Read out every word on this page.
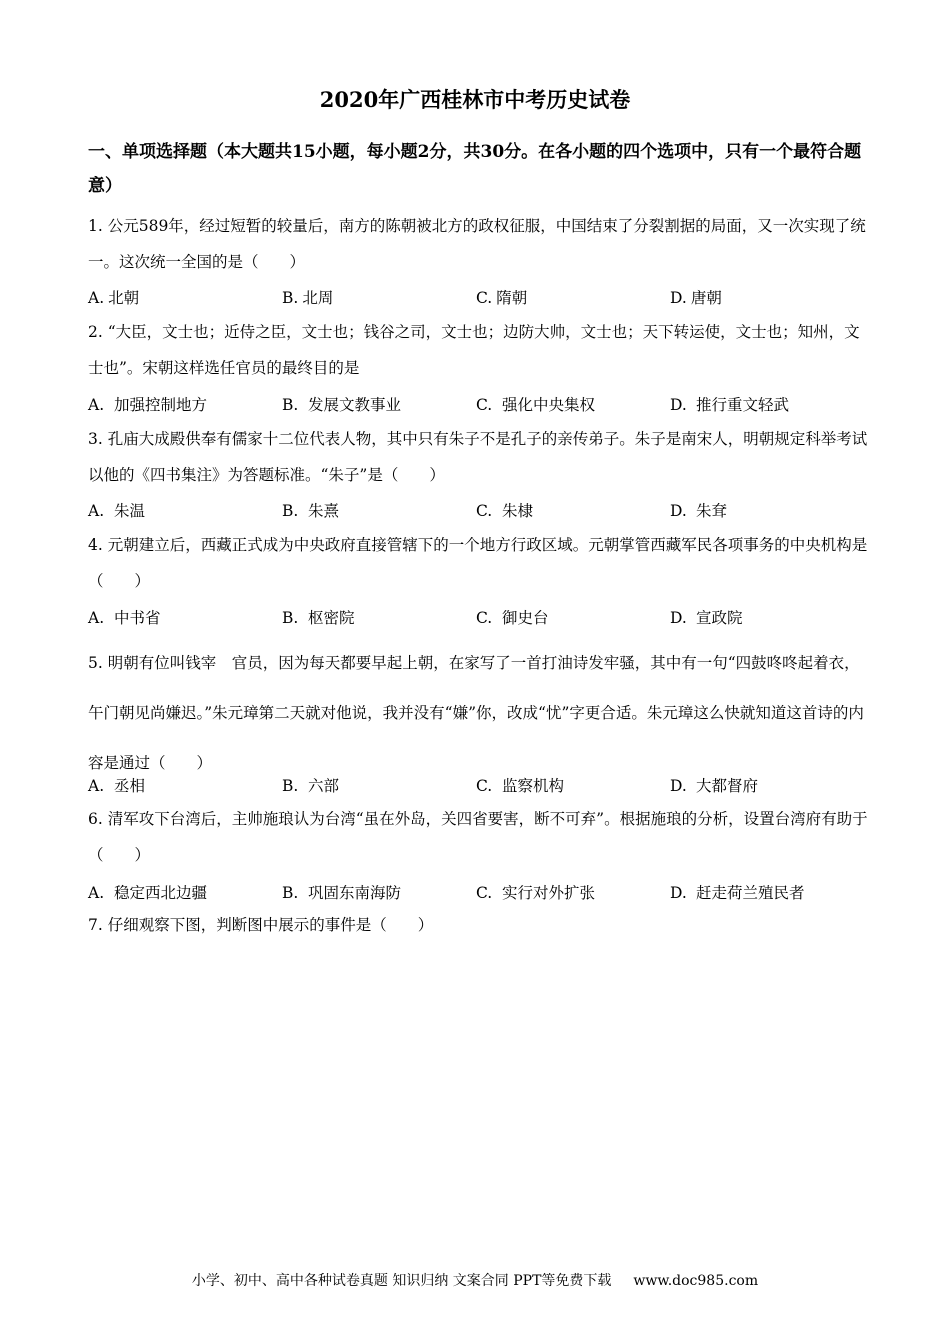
2020年广西桂林市中考历史试卷
一、单项选择题（本大题共15小题，每小题2分，共30分。在各小题的四个选项中，只有一个最符合题意）
1. 公元589年，经过短暂的较量后，南方的陈朝被北方的政权征服，中国结束了分裂割据的局面，又一次实现了统一。这次统一全国的是（　　）
A. 北朝	B. 北周	C. 隋朝	D. 唐朝
2. “大臣，文士也；近侍之臣，文士也；钱谷之司，文士也；边防大帅，文士也；天下转运使，文士也；知州，文士也”。宋朝这样选任官员的最终目的是
A. 加强控制地方	B. 发展文教事业	C. 强化中央集权	D. 推行重文轻武
3. 孔庙大成殿供奉有儒家十二位代表人物，其中只有朱子不是孔子的亲传弟子。朱子是南宋人，明朝规定科举考试以他的《四书集注》为答题标准。“朱子”是（　　）
A. 朱温	B. 朱熹	C. 朱棣	D. 朱耷
4. 元朝建立后，西藏正式成为中央政府直接管辖下的一个地方行政区域。元朝掌管西藏军民各项事务的中央机构是（　　）
A. 中书省	B. 枢密院	C. 御史台	D. 宣政院
5. 明朝有位叫钱宰　官员，因为每天都要早起上朝，在家写了一首打油诗发牢骚，其中有一句“四鼓咚咚起着衣，午门朝见尚嫌迟。”朱元璋第二天就对他说，我并没有“嫌”你，改成“忧”字更合适。朱元璋这么快就知道这首诗的内容是通过（　　）
A. 丞相	B. 六部	C. 监察机构	D. 大都督府
6. 清军攻下台湾后，主帅施琅认为台湾“虽在外岛，关四省要害，断不可弃”。根据施琅的分析，设置台湾府有助于（　　）
A. 稳定西北边疆	B. 巩固东南海防	C. 实行对外扩张	D. 赶走荷兰殖民者
7. 仔细观察下图，判断图中展示的事件是（　　）
小学、初中、高中各种试卷真题 知识归纳 文案合同 PPT等免费下载 www.doc985.com
